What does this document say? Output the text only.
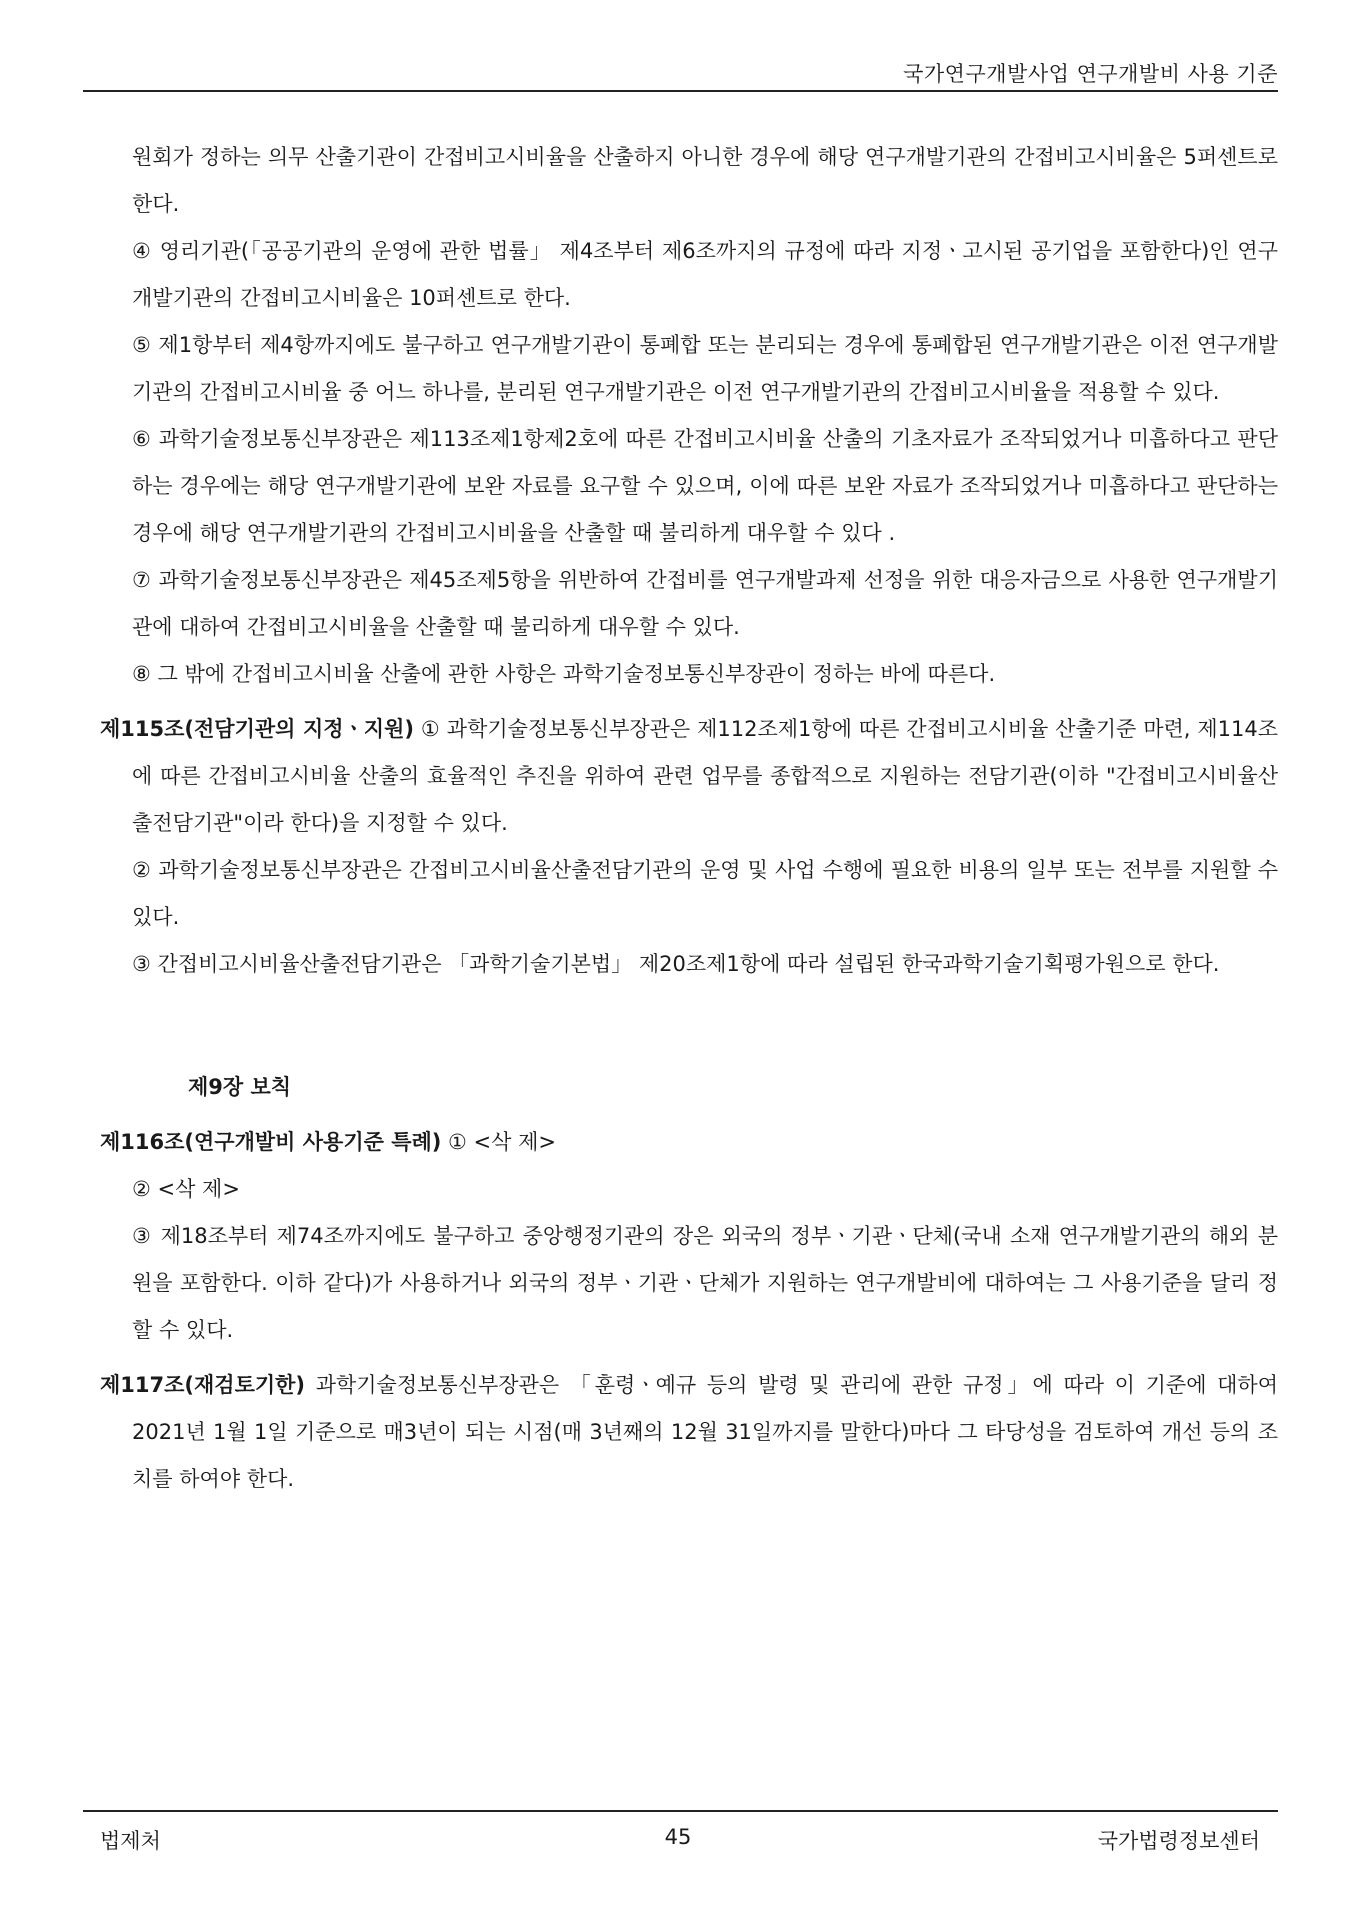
국가연구개발사업 연구개발비 사용 기준

원회가 정하는 의무 산출기관이 간접비고시비율을 산출하지 아니한 경우에 해당 연구개발기관의 간접비고시비율은 5퍼센트로 한다.

④ 영리기관(「공공기관의 운영에 관한 법률」 제4조부터 제6조까지의 규정에 따라 지정ㆍ고시된 공기업을 포함한다)인 연구개발기관의 간접비고시비율은 10퍼센트로 한다.

⑤ 제1항부터 제4항까지에도 불구하고 연구개발기관이 통폐합 또는 분리되는 경우에 통폐합된 연구개발기관은 이전 연구개발기관의 간접비고시비율 중 어느 하나를, 분리된 연구개발기관은 이전 연구개발기관의 간접비고시비율을 적용할 수 있다.

⑥ 과학기술정보통신부장관은 제113조제1항제2호에 따른 간접비고시비율 산출의 기초자료가 조작되었거나 미흡하다고 판단하는 경우에는 해당 연구개발기관에 보완 자료를 요구할 수 있으며, 이에 따른 보완 자료가 조작되었거나 미흡하다고 판단하는 경우에 해당 연구개발기관의 간접비고시비율을 산출할 때 불리하게 대우할 수 있다 .

⑦ 과학기술정보통신부장관은 제45조제5항을 위반하여 간접비를 연구개발과제 선정을 위한 대응자금으로 사용한 연구개발기관에 대하여 간접비고시비율을 산출할 때 불리하게 대우할 수 있다.

⑧ 그 밖에 간접비고시비율 산출에 관한 사항은 과학기술정보통신부장관이 정하는 바에 따른다.

제115조(전담기관의 지정ㆍ지원) ① 과학기술정보통신부장관은 제112조제1항에 따른 간접비고시비율 산출기준 마련, 제114조에 따른 간접비고시비율 산출의 효율적인 추진을 위하여 관련 업무를 종합적으로 지원하는 전담기관(이하 "간접비고시비율산출전담기관"이라 한다)을 지정할 수 있다.

② 과학기술정보통신부장관은 간접비고시비율산출전담기관의 운영 및 사업 수행에 필요한 비용의 일부 또는 전부를 지원할 수 있다.

③ 간접비고시비율산출전담기관은 「과학기술기본법」 제20조제1항에 따라 설립된 한국과학기술기획평가원으로 한다.

제9장 보칙

제116조(연구개발비 사용기준 특례) ① <삭 제>

② <삭 제>

③ 제18조부터 제74조까지에도 불구하고 중앙행정기관의 장은 외국의 정부ㆍ기관ㆍ단체(국내 소재 연구개발기관의 해외 분원을 포함한다. 이하 같다)가 사용하거나 외국의 정부ㆍ기관ㆍ단체가 지원하는 연구개발비에 대하여는 그 사용기준을 달리 정할 수 있다.

제117조(재검토기한) 과학기술정보통신부장관은 「훈령ㆍ예규 등의 발령 및 관리에 관한 규정」에 따라 이 기준에 대하여 2021년 1월 1일 기준으로 매3년이 되는 시점(매 3년째의 12월 31일까지를 말한다)마다 그 타당성을 검토하여 개선 등의 조치를 하여야 한다.

법제처	45	국가법령정보센터
